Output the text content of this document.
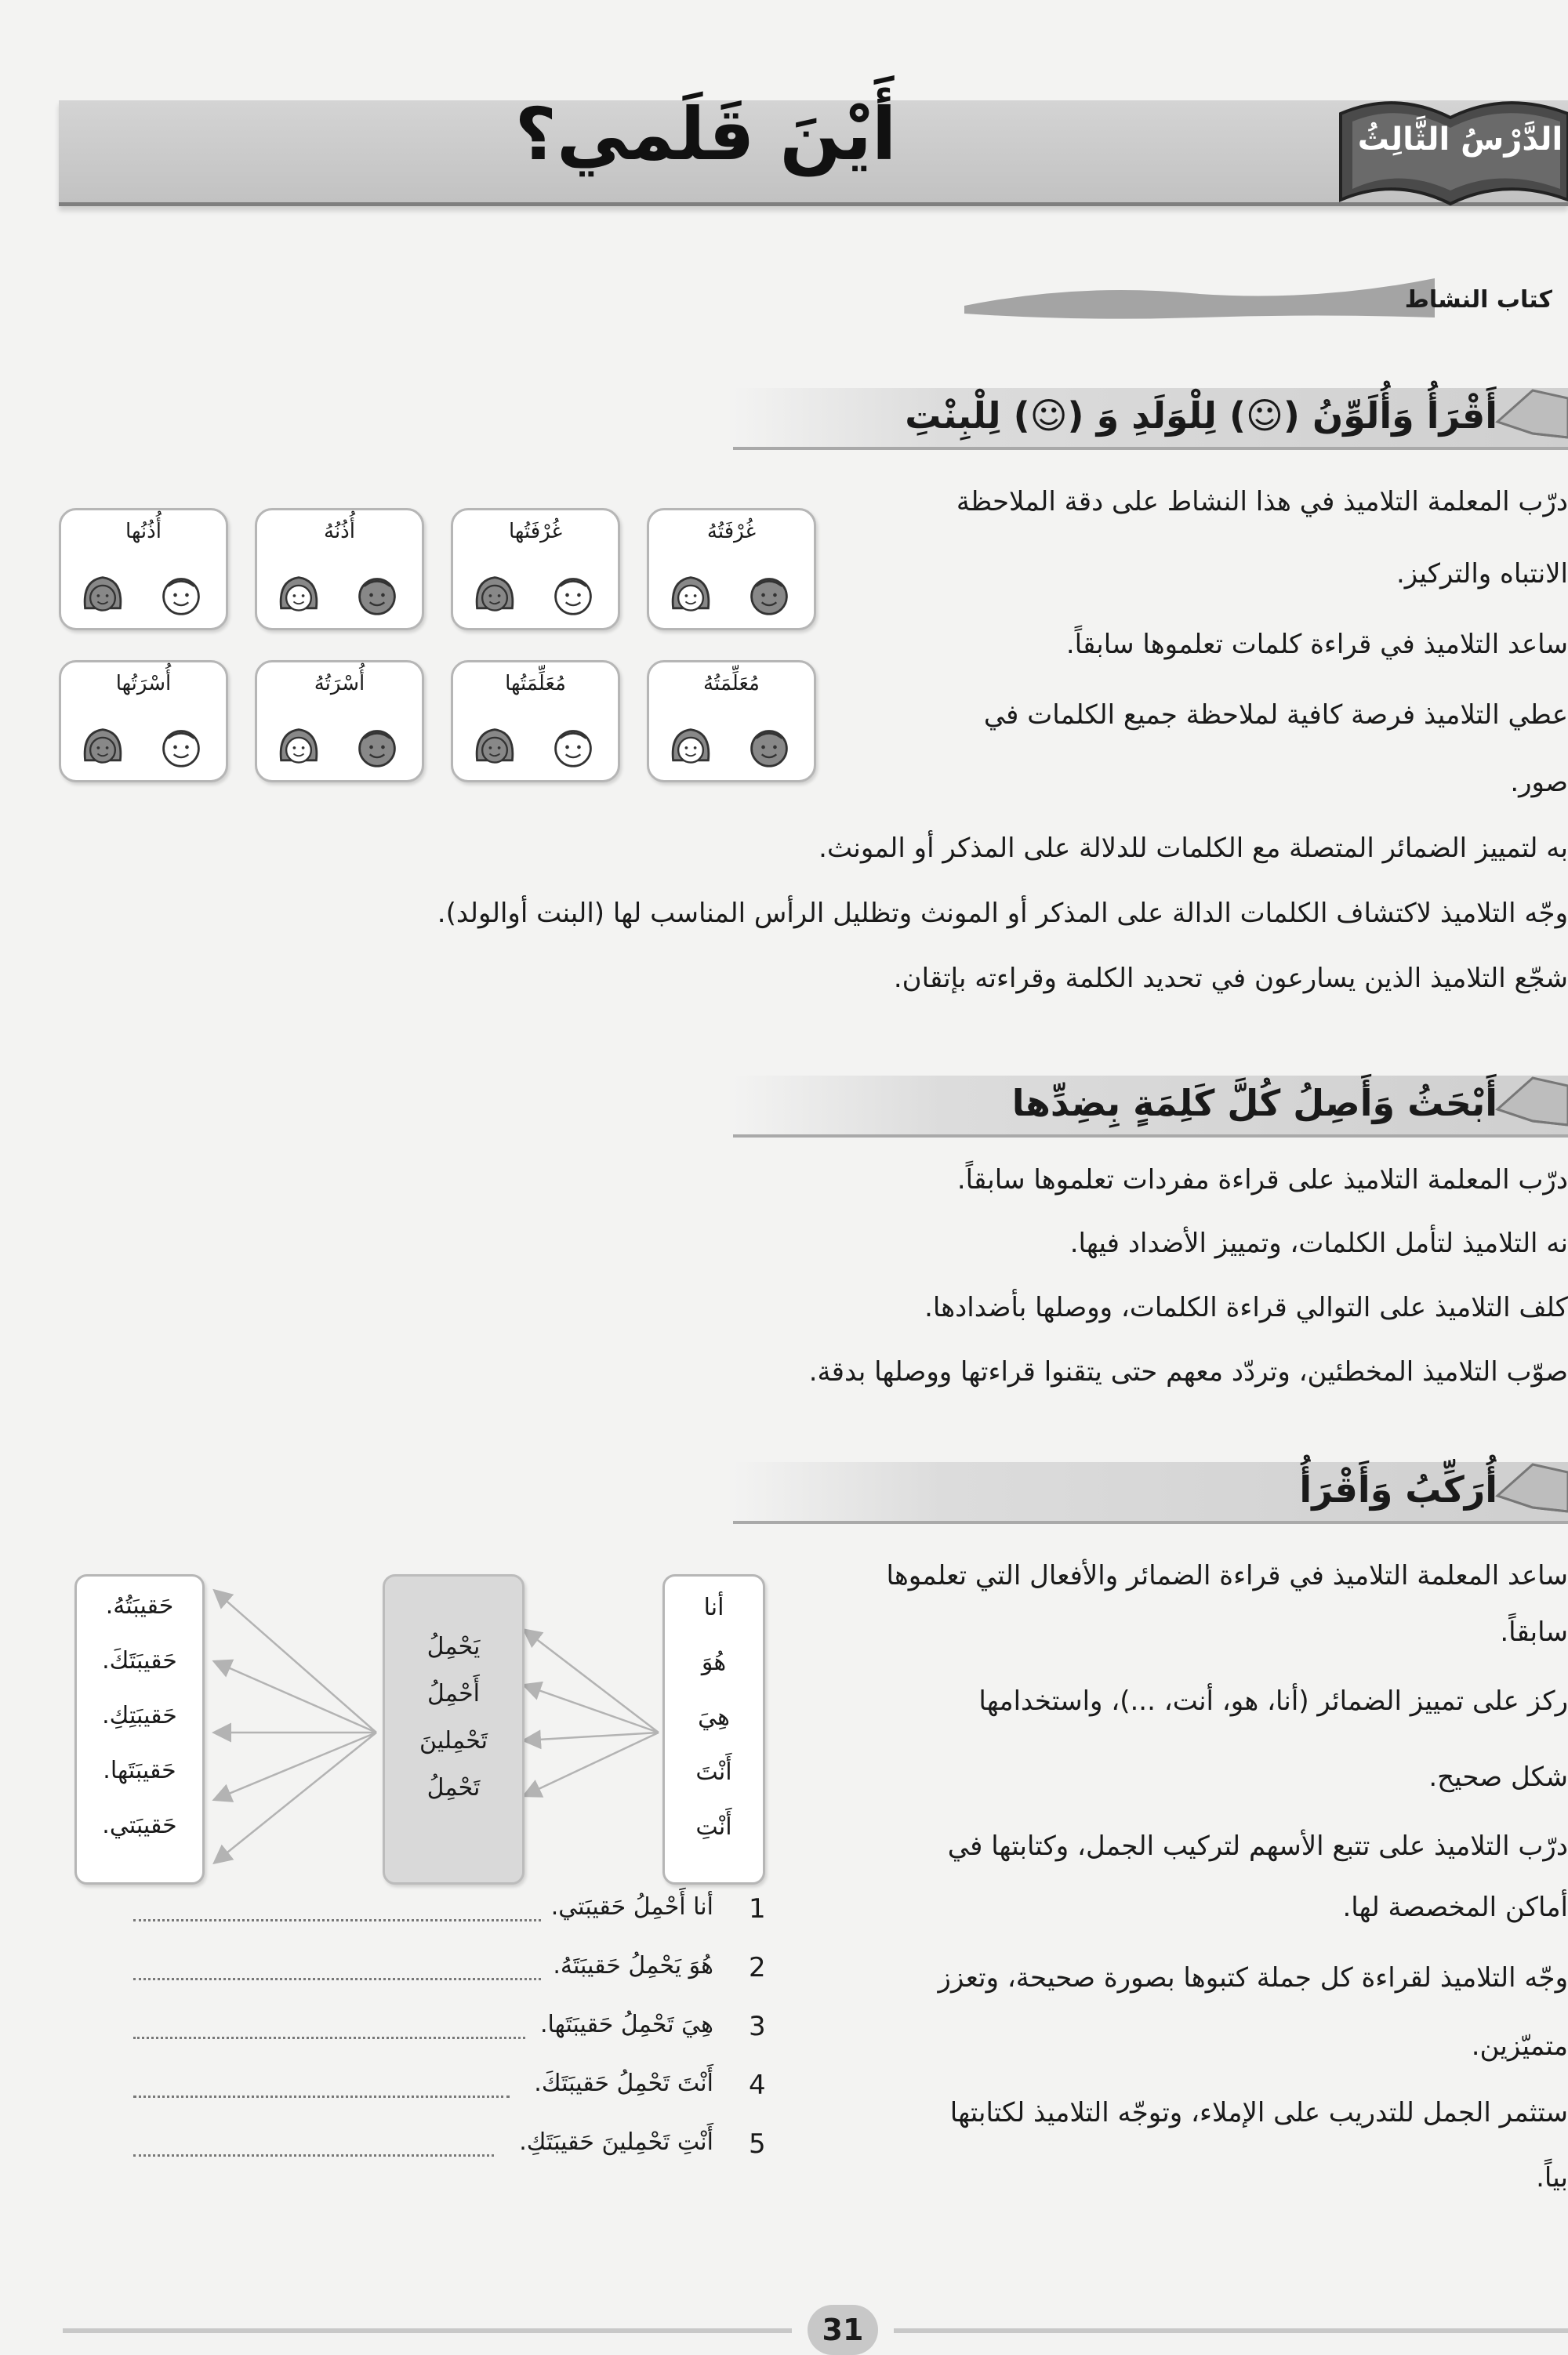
أَيْنَ قَلَمي؟	الدَّرْسُ الثَّالِثُ
كتاب النشاط
أَقْرَأُ وَأُلَوِّنُ (☺) لِلْوَلَدِ وَ (☺) لِلْبِنْتِ
درّب المعلمة التلاميذ في هذا النشاط على دقة الملاحظة
الانتباه والتركيز.
ساعد التلاميذ في قراءة كلمات تعلموها سابقاً.
عطي التلاميذ فرصة كافية لملاحظة جميع الكلمات في
صور.
به لتمييز الضمائر المتصلة مع الكلمات للدلالة على المذكر أو المونث.
وجّه التلاميذ لاكتشاف الكلمات الدالة على المذكر أو المونث وتظليل الرأس المناسب لها (البنت أوالولد).
شجّع التلاميذ الذين يسارعون في تحديد الكلمة وقراءته بإتقان.
غُرْفَتُهُ
غُرْفَتُها
أُذُنُهُ
أُذُنُها
مُعَلِّمَتُهُ
مُعَلِّمَتُها
أُسْرَتُهُ
أُسْرَتُها
أَبْحَثُ وَأَصِلُ كُلَّ كَلِمَةٍ بِضِدِّها
درّب المعلمة التلاميذ على قراءة مفردات تعلموها سابقاً.
نه التلاميذ لتأمل الكلمات، وتمييز الأضداد فيها.
كلف التلاميذ على التوالي قراءة الكلمات، ووصلها بأضدادها.
صوّب التلاميذ المخطئين، وتردّد معهم حتى يتقنوا قراءتها ووصلها بدقة.
أُرَكِّبُ وَأَقْرَأُ
ساعد المعلمة التلاميذ في قراءة الضمائر والأفعال التي تعلموها
سابقاً.
ركز على تمييز الضمائر (أنا، هو، أنت، ...)، واستخدامها
شكل صحيح.
درّب التلاميذ على تتبع الأسهم لتركيب الجمل، وكتابتها في
أماكن المخصصة لها.
وجّه التلاميذ لقراءة كل جملة كتبوها بصورة صحيحة، وتعزز
متميّزين.
ستثمر الجمل للتدريب على الإملاء، وتوجّه التلاميذ لكتابتها
بياً.
أنا
هُوَ
هِيَ
أَنْتَ
أَنْتِ
يَحْمِلُ
أَحْمِلُ
تَحْمِلينَ
تَحْمِلُ
حَقيبَتُهُ.
حَقيبَتَكَ.
حَقيبَتِكِ.
حَقيبَتَها.
حَقيبَتي.
1
أنا أَحْمِلُ حَقيبَتي.
2
هُوَ يَحْمِلُ حَقيبَتَهُ.
3
هِيَ تَحْمِلُ حَقيبَتَها.
4
أَنْتَ تَحْمِلُ حَقيبَتَكَ.
5
أَنْتِ تَحْمِلينَ حَقيبَتَكِ.
31
